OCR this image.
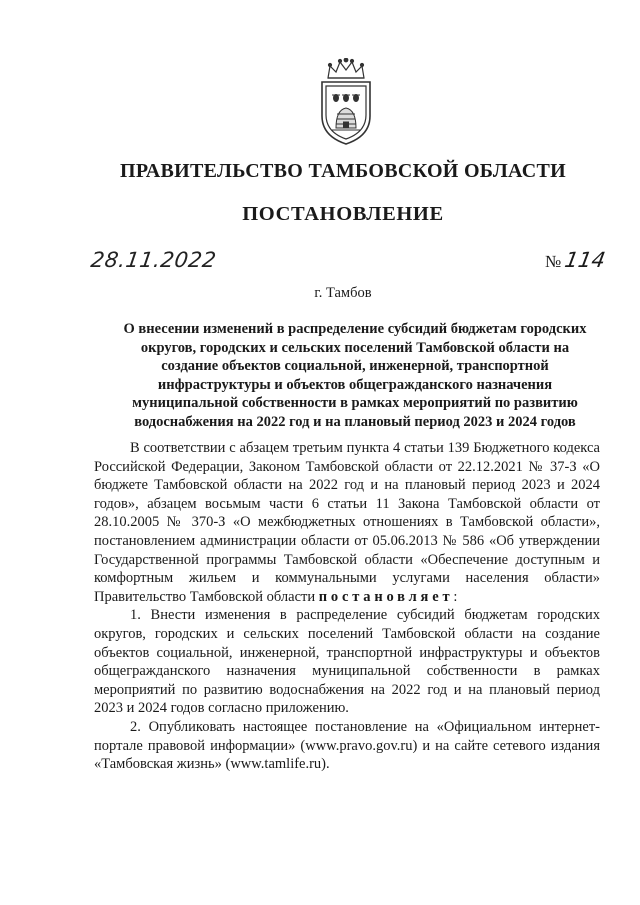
ПРАВИТЕЛЬСТВО ТАМБОВСКОЙ ОБЛАСТИ
ПОСТАНОВЛЕНИЕ
28.11.2022	№114
г. Тамбов
О внесении изменений в распределение субсидий бюджетам городских
округов, городских и сельских поселений Тамбовской области на
создание объектов социальной, инженерной, транспортной
инфраструктуры и объектов общегражданского назначения
муниципальной собственности в рамках мероприятий по развитию
водоснабжения на 2022 год и на плановый период 2023 и 2024 годов

В соответствии с абзацем третьим пункта 4 статьи 139 Бюджетного кодекса Российской Федерации, Законом Тамбовской области от 22.12.2021 № 37-З «О бюджете Тамбовской области на 2022 год и на плановый период 2023 и 2024 годов», абзацем восьмым части 6 статьи 11 Закона Тамбовской области от 28.10.2005 № 370-З «О межбюджетных отношениях в Тамбовской области», постановлением администрации области от 05.06.2013 № 586 «Об утверждении Государственной программы Тамбовской области «Обеспечение доступным и комфортным жильем и коммунальными услугами населения области» Правительство Тамбовской области постановляет:

1. Внести изменения в распределение субсидий бюджетам городских округов, городских и сельских поселений Тамбовской области на создание объектов социальной, инженерной, транспортной инфраструктуры и объектов общегражданского назначения муниципальной собственности в рамках мероприятий по развитию водоснабжения на 2022 год и на плановый период 2023 и 2024 годов согласно приложению.

2. Опубликовать настоящее постановление на «Официальном интернет-портале правовой информации» (www.pravo.gov.ru) и на сайте сетевого издания «Тамбовская жизнь» (www.tamlife.ru).
